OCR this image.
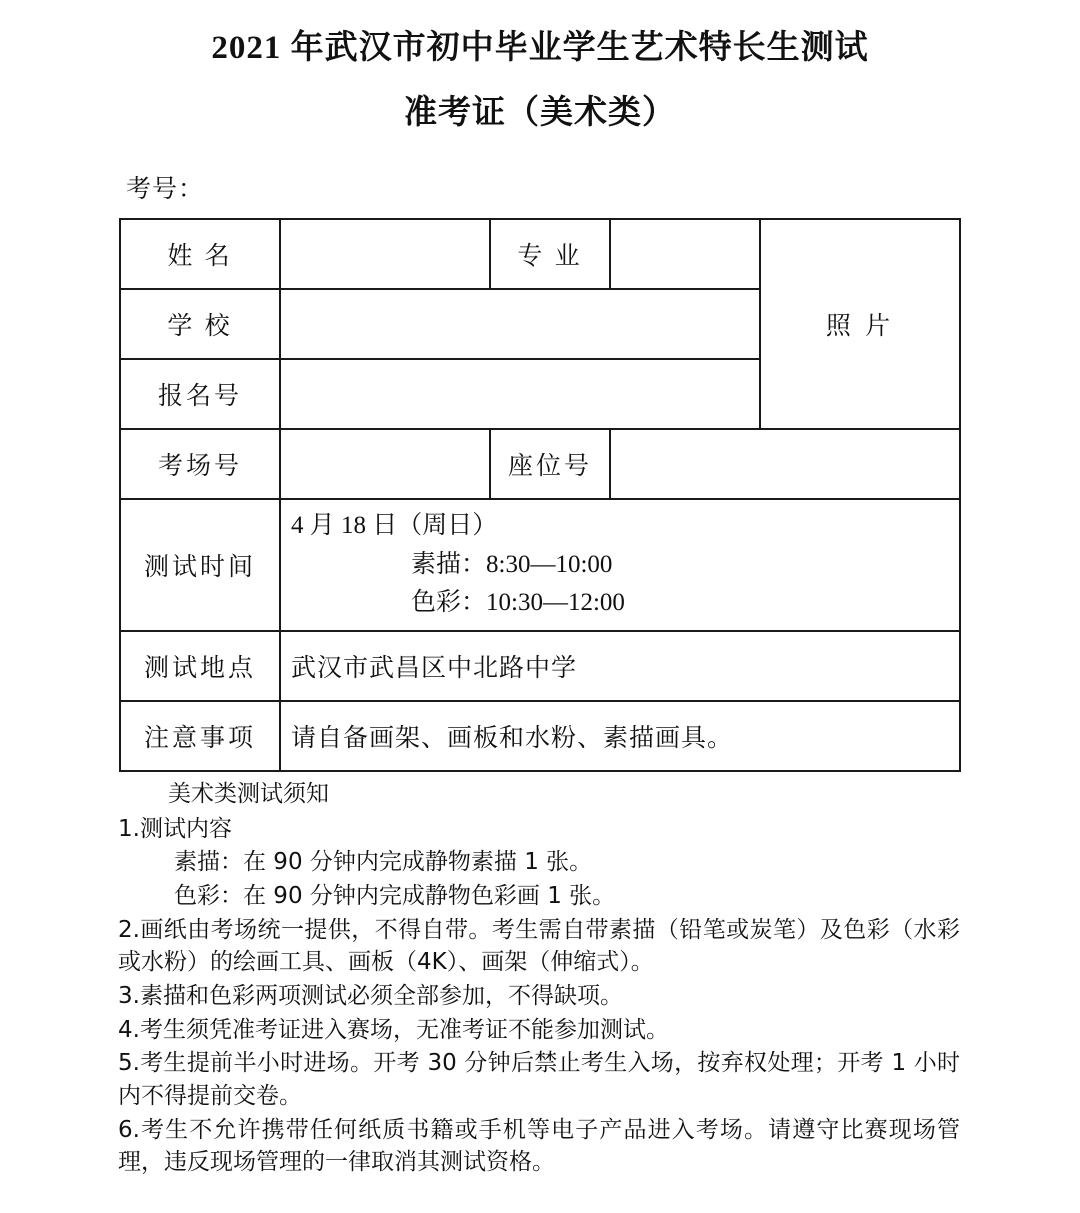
2021 年武汉市初中毕业学生艺术特长生测试
准考证（美术类）
考号：
姓 名		专 业		照 片
学 校				
报名号				
考场号		座位号		
测试时间	4 月 18 日（周日）
素描：8:30—10:00
色彩：10:30—12:00			

测试地点	武汉市武昌区中北路中学			
注意事项	请自备画架、画板和水粉、素描画具。			
美术类测试须知
1.测试内容
素描：在 90 分钟内完成静物素描 1 张。
色彩：在 90 分钟内完成静物色彩画 1 张。
2.画纸由考场统一提供，不得自带。考生需自带素描（铅笔或炭笔）及色彩（水彩或水粉）的绘画工具、画板（4K）、画架（伸缩式）。
3.素描和色彩两项测试必须全部参加，不得缺项。
4.考生须凭准考证进入赛场，无准考证不能参加测试。
5.考生提前半小时进场。开考 30 分钟后禁止考生入场，按弃权处理；开考 1 小时内不得提前交卷。
6.考生不允许携带任何纸质书籍或手机等电子产品进入考场。请遵守比赛现场管理，违反现场管理的一律取消其测试资格。
